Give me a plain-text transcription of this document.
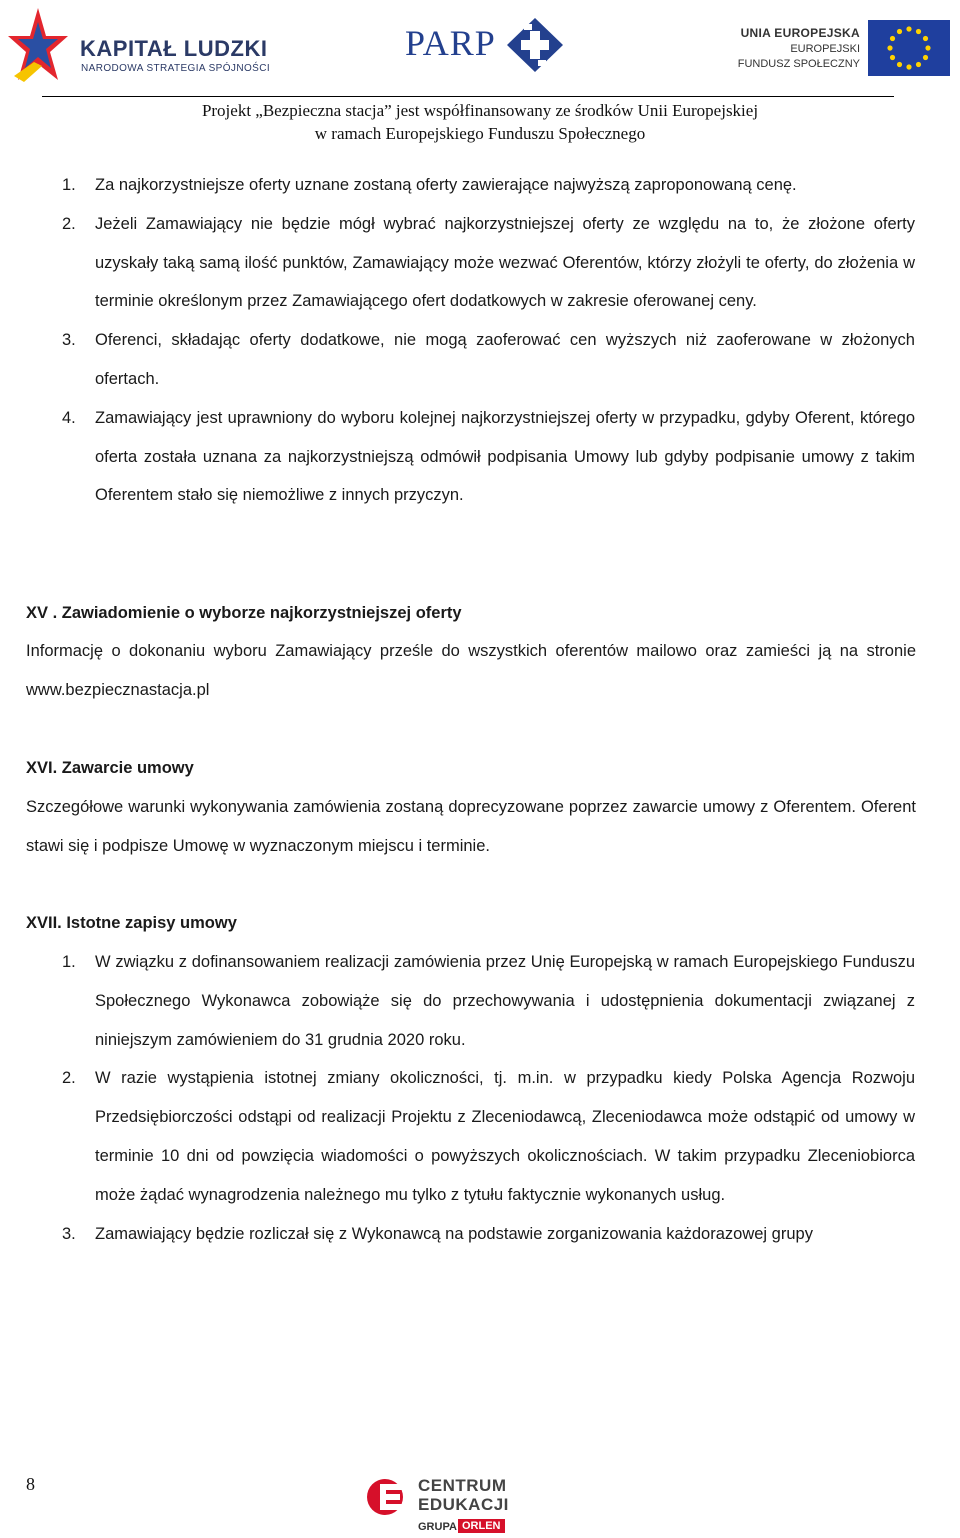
KAPITAŁ LUDZKI
NARODOWA STRATEGIA SPÓJNOŚCI
PARP	UNIA EUROPEJSKA
EUROPEJSKI
FUNDUSZ SPOŁECZNY
Projekt „Bezpieczna stacja” jest współfinansowany ze środków Unii Europejskiej
w ramach Europejskiego Funduszu Społecznego
1. Za najkorzystniejsze oferty uznane zostaną oferty zawierające najwyższą zaproponowaną cenę.
2. Jeżeli Zamawiający nie będzie mógł wybrać najkorzystniejszej oferty ze względu na to, że złożone oferty uzyskały taką samą ilość punktów, Zamawiający może wezwać Oferentów, którzy złożyli te oferty, do złożenia w terminie określonym przez Zamawiającego ofert dodatkowych w zakresie oferowanej ceny.
3. Oferenci, składając oferty dodatkowe, nie mogą zaoferować cen wyższych niż zaoferowane w złożonych ofertach.
4. Zamawiający jest uprawniony do wyboru kolejnej najkorzystniejszej oferty w przypadku, gdyby Oferent, którego oferta została uznana za najkorzystniejszą odmówił podpisania Umowy lub gdyby podpisanie umowy z takim Oferentem stało się niemożliwe z innych przyczyn.
XV . Zawiadomienie o wyborze najkorzystniejszej oferty
Informację o dokonaniu wyboru Zamawiający prześle do wszystkich oferentów mailowo oraz zamieści ją na stronie www.bezpiecznastacja.pl
XVI. Zawarcie umowy
Szczegółowe warunki wykonywania zamówienia zostaną doprecyzowane poprzez zawarcie umowy z Oferentem. Oferent stawi się i podpisze Umowę w wyznaczonym miejscu i terminie.
XVII. Istotne zapisy umowy
1. W związku z dofinansowaniem realizacji zamówienia przez Unię Europejską w ramach Europejskiego Funduszu Społecznego Wykonawca zobowiąże się do przechowywania i udostępnienia dokumentacji związanej z niniejszym zamówieniem do 31 grudnia 2020 roku.
2. W razie wystąpienia istotnej zmiany okoliczności, tj. m.in. w przypadku kiedy Polska Agencja Rozwoju Przedsiębiorczości odstąpi od realizacji Projektu z Zleceniodawcą, Zleceniodawca może odstąpić od umowy w terminie 10 dni od powzięcia wiadomości o powyższych okolicznościach. W takim przypadku Zleceniobiorca może żądać wynagrodzenia należnego mu tylko z tytułu faktycznie wykonanych usług.
3. Zamawiający będzie rozliczał się z Wykonawcą na podstawie zorganizowania każdorazowej grupy
8	CENTRUM
EDUKACJI
GRUPA ORLEN
